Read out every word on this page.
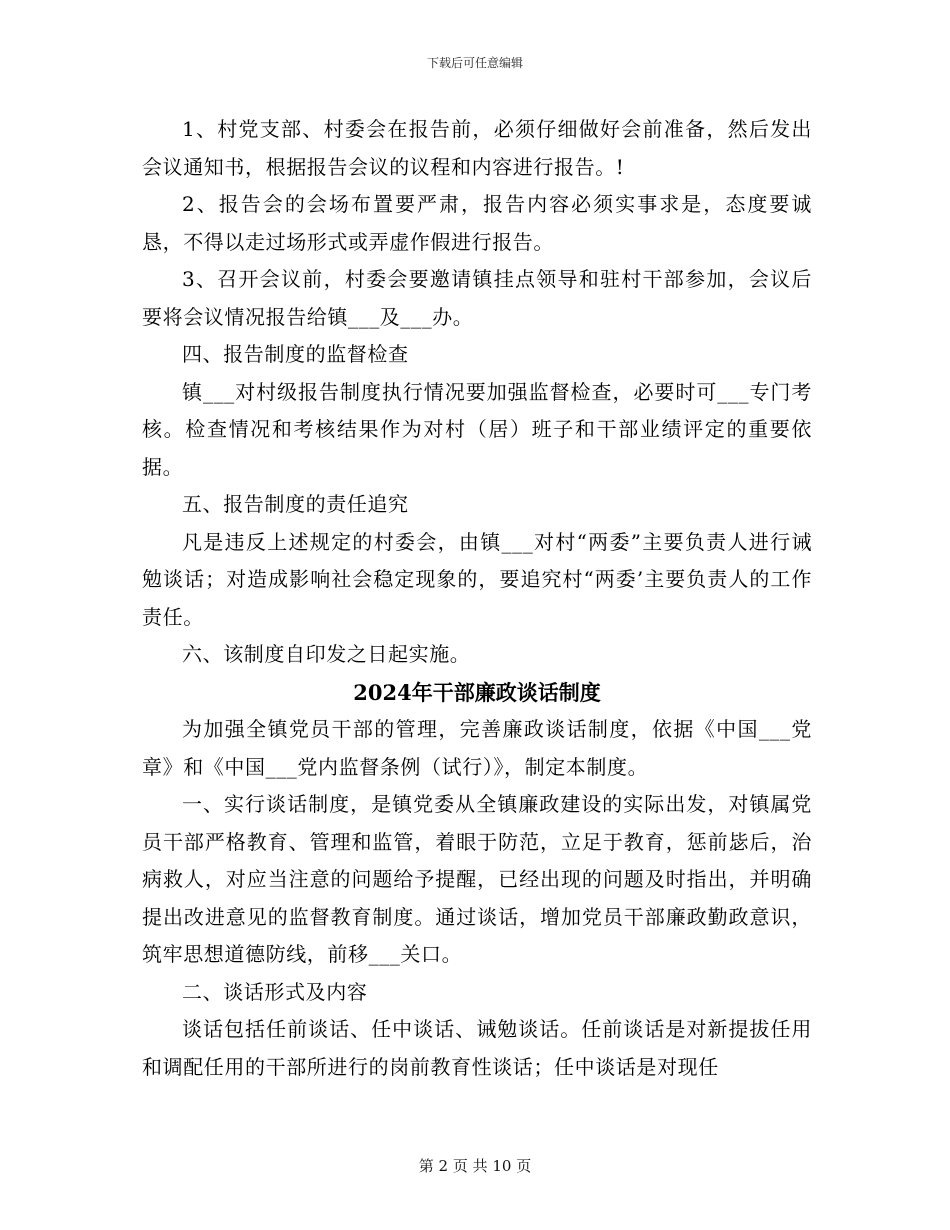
下载后可任意编辑

1、村党支部、村委会在报告前，必须仔细做好会前准备，然后发出会议通知书，根据报告会议的议程和内容进行报告。!

2、报告会的会场布置要严肃，报告内容必须实事求是，态度要诚恳，不得以走过场形式或弄虚作假进行报告。

3、召开会议前，村委会要邀请镇挂点领导和驻村干部参加，会议后要将会议情况报告给镇___及___办。

四、报告制度的监督检查

镇___对村级报告制度执行情况要加强监督检查，必要时可___专门考核。检查情况和考核结果作为对村（居）班子和干部业绩评定的重要依据。

五、报告制度的责任追究

凡是违反上述规定的村委会，由镇___对村“两委”主要负责人进行诫勉谈话；对造成影响社会稳定现象的，要追究村“两委’主要负责人的工作责任。

六、该制度自印发之日起实施。

2024年干部廉政谈话制度

为加强全镇党员干部的管理，完善廉政谈话制度，依据《中国___党章》和《中国___党内监督条例（试行）》，制定本制度。

一、实行谈话制度，是镇党委从全镇廉政建设的实际出发，对镇属党员干部严格教育、管理和监管，着眼于防范，立足于教育，惩前毖后，治病救人，对应当注意的问题给予提醒，已经出现的问题及时指出，并明确提出改进意见的监督教育制度。通过谈话，增加党员干部廉政勤政意识，筑牢思想道德防线，前移___关口。

二、谈话形式及内容

谈话包括任前谈话、任中谈话、诫勉谈话。任前谈话是对新提拔任用和调配任用的干部所进行的岗前教育性谈话；任中谈话是对现任

第 2 页 共 10 页
